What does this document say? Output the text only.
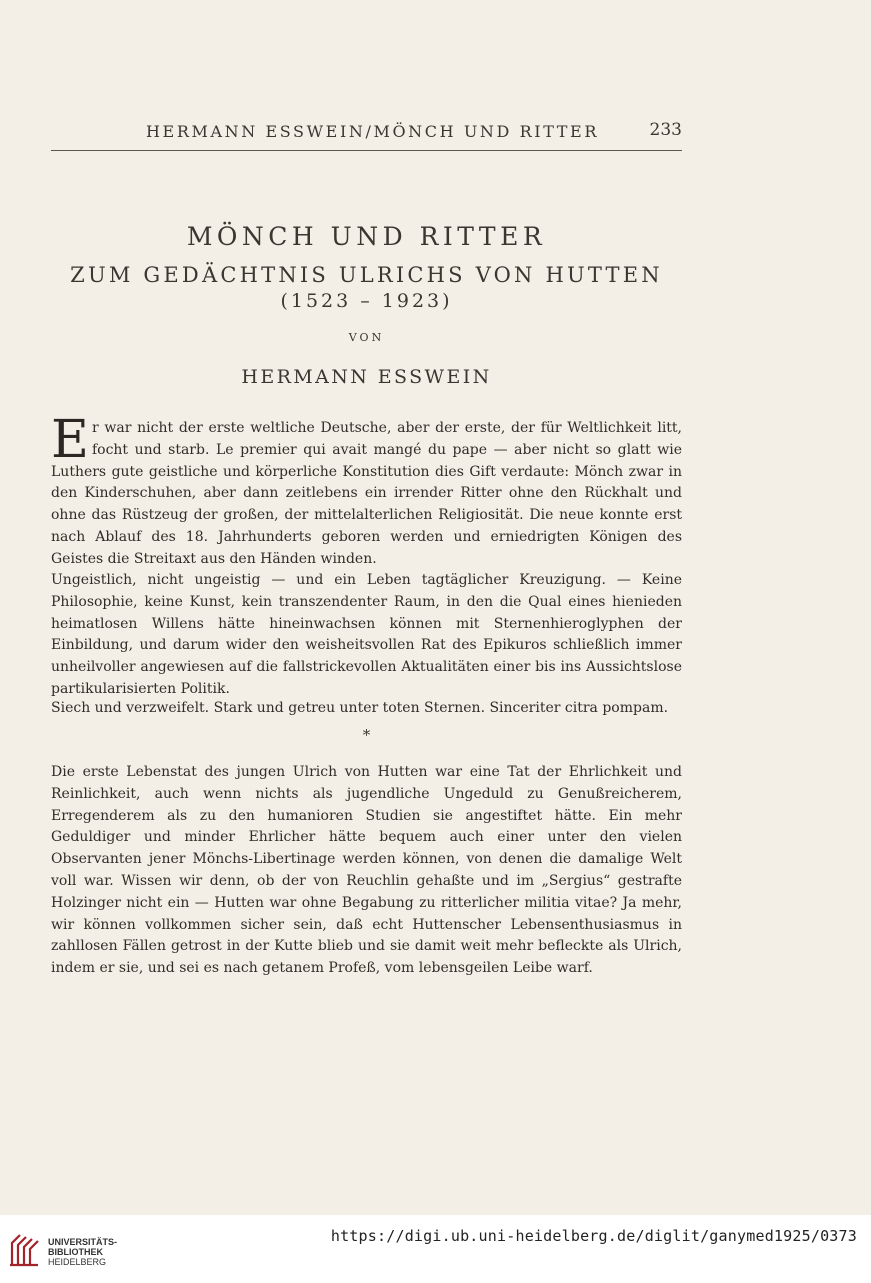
HERMANN ESSWEIN/MÖNCH UND RITTER	233
MÖNCH UND RITTER
ZUM GEDÄCHTNIS ULRICHS VON HUTTEN
(1523 – 1923)
VON
HERMANN ESSWEIN

Er war nicht der erste weltliche Deutsche, aber der erste, der für Weltlichkeit litt, focht und starb. Le premier qui avait mangé du pape — aber nicht so glatt wie Luthers gute geistliche und körperliche Konstitution dies Gift verdaute: Mönch zwar in den Kinderschuhen, aber dann zeitlebens ein irrender Ritter ohne den Rückhalt und ohne das Rüstzeug der großen, der mittelalterlichen Religiosität. Die neue konnte erst nach Ablauf des 18. Jahrhunderts geboren werden und erniedrigten Königen des Geistes die Streitaxt aus den Händen winden.

Ungeistlich, nicht ungeistig — und ein Leben tagtäglicher Kreuzigung. — Keine Philosophie, keine Kunst, kein transzendenter Raum, in den die Qual eines hienieden heimatlosen Willens hätte hineinwachsen können mit Sternenhieroglyphen der Einbildung, und darum wider den weisheitsvollen Rat des Epikuros schließlich immer unheilvoller angewiesen auf die fallstrickevollen Aktualitäten einer bis ins Aussichtslose partikularisierten Politik.

Siech und verzweifelt. Stark und getreu unter toten Sternen. Sinceriter citra pompam.

*

Die erste Lebenstat des jungen Ulrich von Hutten war eine Tat der Ehrlichkeit und Reinlichkeit, auch wenn nichts als jugendliche Ungeduld zu Genußreicherem, Erregenderem als zu den humanioren Studien sie angestiftet hätte. Ein mehr Geduldiger und minder Ehrlicher hätte bequem auch einer unter den vielen Observanten jener Mönchs-Libertinage werden können, von denen die damalige Welt voll war. Wissen wir denn, ob der von Reuchlin gehaßte und im „Sergius“ gestrafte Holzinger nicht ein — Hutten war ohne Begabung zu ritterlicher militia vitae? Ja mehr, wir können vollkommen sicher sein, daß echt Huttenscher Lebensenthusiasmus in zahllosen Fällen getrost in der Kutte blieb und sie damit weit mehr befleckte als Ulrich, indem er sie, und sei es nach getanem Profeß, vom lebensgeilen Leibe warf.

UNIVERSITÄTS-
BIBLIOTHEK
HEIDELBERG
https://digi.ub.uni-heidelberg.de/diglit/ganymed1925/0373
